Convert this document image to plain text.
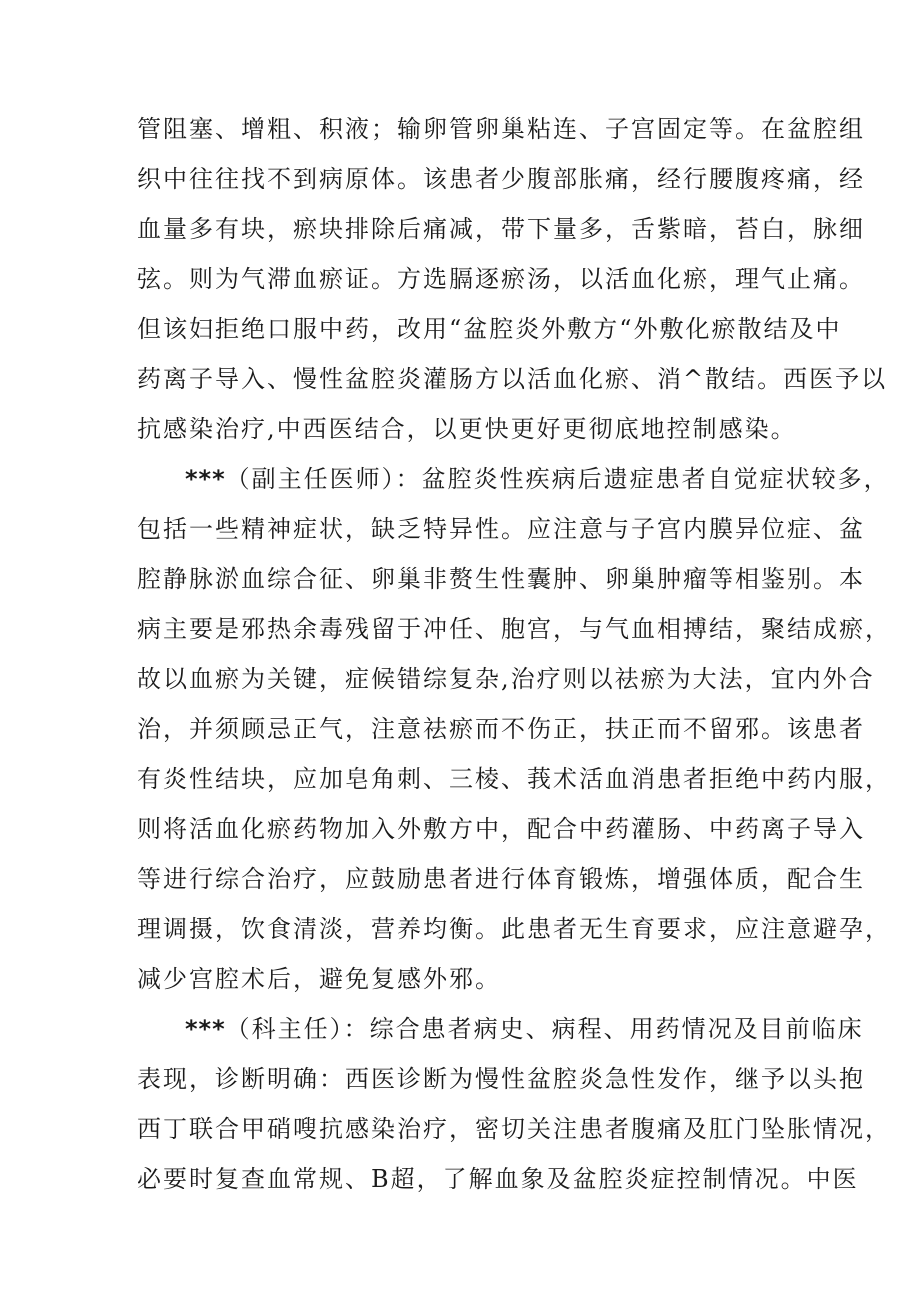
管阻塞、增粗、积液；输卵管卵巢粘连、子宫固定等。在盆腔组
织中往往找不到病原体。该患者少腹部胀痛，经行腰腹疼痛，经
血量多有块，瘀块排除后痛减，带下量多，舌紫暗，苔白，脉细
弦。则为气滞血瘀证。方选膈逐瘀汤，以活血化瘀，理气止痛。
但该妇拒绝口服中药，改用“盆腔炎外敷方“外敷化瘀散结及中
药离子导入、慢性盆腔炎灌肠方以活血化瘀、消^散结。西医予以
抗感染治疗,中西医结合，以更快更好更彻底地控制感染。
***（副主任医师）：盆腔炎性疾病后遗症患者自觉症状较多，
包括一些精神症状，缺乏特异性。应注意与子宫内膜异位症、盆
腔静脉淤血综合征、卵巢非赘生性囊肿、卵巢肿瘤等相鉴别。本
病主要是邪热余毒残留于冲任、胞宫，与气血相搏结，聚结成瘀，
故以血瘀为关键，症候错综复杂,治疗则以祛瘀为大法，宜内外合
治，并须顾忌正气，注意祛瘀而不伤正，扶正而不留邪。该患者
有炎性结块，应加皂角刺、三棱、莪术活血消患者拒绝中药内服，
则将活血化瘀药物加入外敷方中，配合中药灌肠、中药离子导入
等进行综合治疗，应鼓励患者进行体育锻炼，增强体质，配合生
理调摄，饮食清淡，营养均衡。此患者无生育要求，应注意避孕，
减少宫腔术后，避免复感外邪。
***（科主任）：综合患者病史、病程、用药情况及目前临床
表现，诊断明确：西医诊断为慢性盆腔炎急性发作，继予以头抱
西丁联合甲硝嗖抗感染治疗，密切关注患者腹痛及肛门坠胀情况，
必要时复查血常规、B超，了解血象及盆腔炎症控制情况。中医
